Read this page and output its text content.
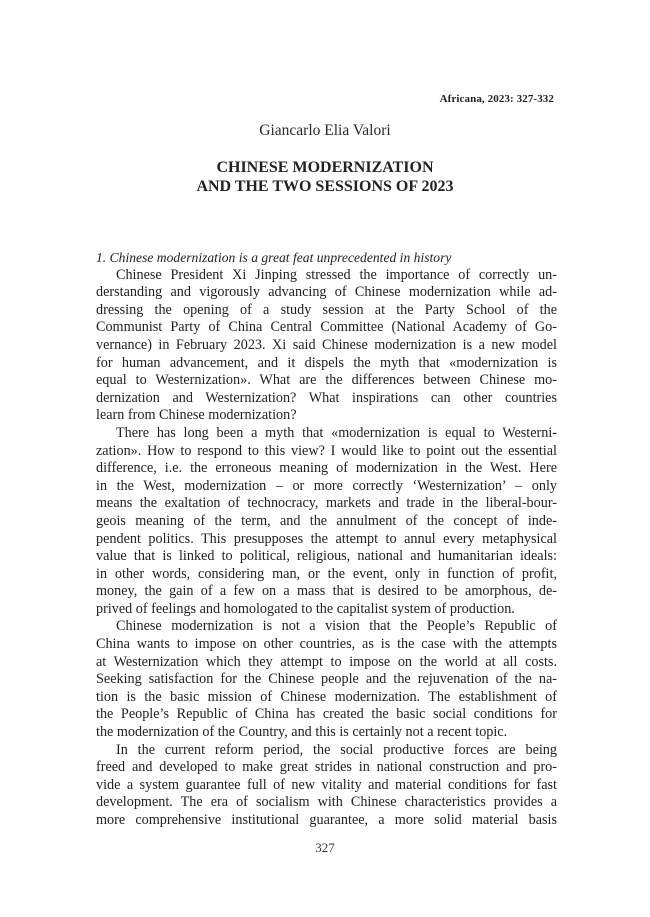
Africana, 2023: 327-332
Giancarlo Elia Valori
CHINESE MODERNIZATION
AND THE TWO SESSIONS OF 2023

1. Chinese modernization is a great feat unprecedented in history

Chinese President Xi Jinping stressed the importance of correctly un-
derstanding and vigorously advancing of Chinese modernization while ad-
dressing the opening of a study session at the Party School of the
Communist Party of China Central Committee (National Academy of Go-
vernance) in February 2023. Xi said Chinese modernization is a new model
for human advancement, and it dispels the myth that «modernization is
equal to Westernization». What are the differences between Chinese mo-
dernization and Westernization? What inspirations can other countries
learn from Chinese modernization?

There has long been a myth that «modernization is equal to Westerni-
zation». How to respond to this view? I would like to point out the essential
difference, i.e. the erroneous meaning of modernization in the West. Here
in the West, modernization – or more correctly ‘Westernization’ – only
means the exaltation of technocracy, markets and trade in the liberal-bour-
geois meaning of the term, and the annulment of the concept of inde-
pendent politics. This presupposes the attempt to annul every metaphysical
value that is linked to political, religious, national and humanitarian ideals:
in other words, considering man, or the event, only in function of profit,
money, the gain of a few on a mass that is desired to be amorphous, de-
prived of feelings and homologated to the capitalist system of production.

Chinese modernization is not a vision that the People’s Republic of
China wants to impose on other countries, as is the case with the attempts
at Westernization which they attempt to impose on the world at all costs.
Seeking satisfaction for the Chinese people and the rejuvenation of the na-
tion is the basic mission of Chinese modernization. The establishment of
the People’s Republic of China has created the basic social conditions for
the modernization of the Country, and this is certainly not a recent topic.

In the current reform period, the social productive forces are being
freed and developed to make great strides in national construction and pro-
vide a system guarantee full of new vitality and material conditions for fast
development. The era of socialism with Chinese characteristics provides a
more comprehensive institutional guarantee, a more solid material basis

327
